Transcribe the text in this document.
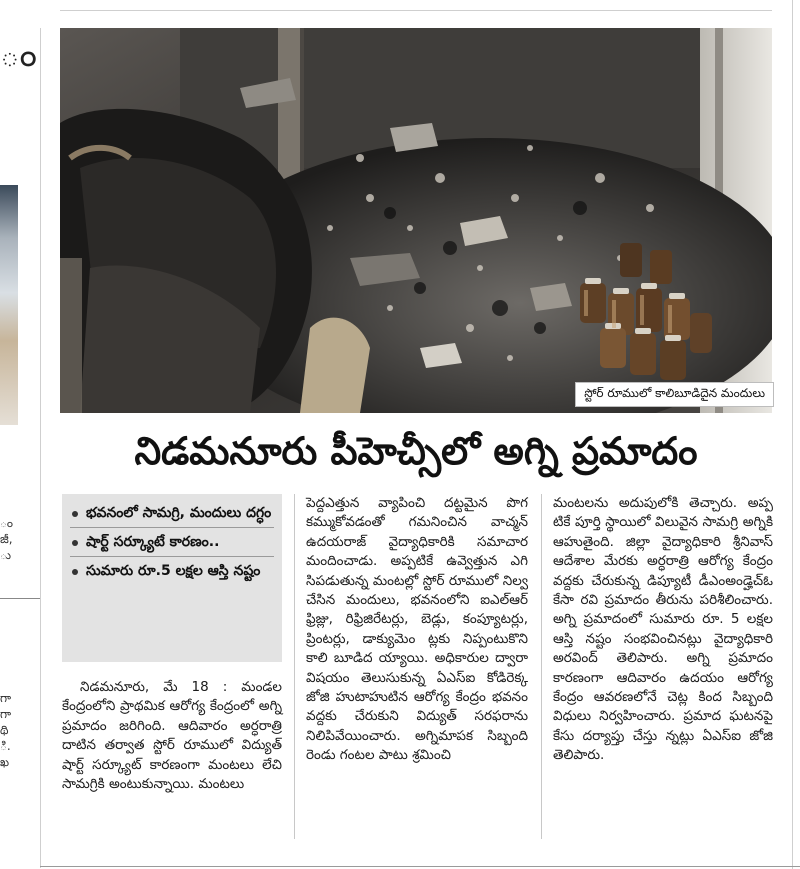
ం
ం
జీ,
ు
గా
గా
థి
ి.
ఖ

స్టోర్ రూములో కాలిబూడిదైన మందులు
నిడమనూరు పీహెచ్సీలో అగ్ని ప్రమాదం
భవనంలో సామగ్రి, మందులు దగ్ధం
షార్ట్ సర్క్యూటే కారణం..
సుమారు రూ.5 లక్షల ఆస్తి నష్టం
నిడమనూరు, మే 18 : మండల కేంద్రంలోని ప్రాథమిక ఆరోగ్య కేంద్రంలో అగ్ని ప్రమాదం జరిగింది. ఆదివారం అర్ధరాత్రి దాటిన తర్వాత స్టోర్ రూములో విద్యుత్ షార్ట్ సర్క్యూట్ కారణంగా మంటలు లేచి సామగ్రికి అంటుకున్నాయి. మంటలు
పెద్దఎత్తున వ్యాపించి దట్టమైన పొగ కమ్ముకోవడంతో గమనించిన వాచ్మన్ ఉదయరాజ్ వైద్యాధికారికి సమాచార మందించాడు. అప్పటికే ఉవ్వెత్తున ఎగి సిపడుతున్న మంటల్లో స్టోర్ రూములో నిల్వ చేసిన మందులు, భవనంలోని ఐఎల్ఆర్ ఫ్రిజ్లు, రిఫ్రిజిరేటర్లు, బెడ్లు, కంప్యూటర్లు, ప్రింటర్లు, డాక్యుమెం ట్లకు నిప్పంటుకొని కాలి బూడిద య్యాయి. అధికారుల ద్వారా విషయం తెలుసుకున్న ఏఎస్ఐ కోడిరెక్క జోజి హుటాహుటిన ఆరోగ్య కేంద్రం భవనం వద్దకు చేరుకుని విద్యుత్ సరఫరాను నిలిపివేయించారు. అగ్నిమాపక సిబ్బంది రెండు గంటల పాటు శ్రమించి
మంటలను అదుపులోకి తెచ్చారు. అప్ప టికే పూర్తి స్థాయిలో విలువైన సామగ్రి అగ్నికి ఆహుతైంది. జిల్లా వైద్యాధికారి శ్రీనివాస్ ఆదేశాల మేరకు అర్ధరాత్రి ఆరోగ్య కేంద్రం వద్దకు చేరుకున్న డిప్యూటీ డీఎంఅండ్హెచ్ఓ కేసా రవి ప్రమాదం తీరును పరిశీలించారు. అగ్ని ప్రమాదంలో సుమారు రూ. 5 లక్షల ఆస్తి నష్టం సంభవించినట్లు వైద్యాధికారి అరవింద్ తెలిపారు. అగ్ని ప్రమాదం కారణంగా ఆదివారం ఉదయం ఆరోగ్య కేంద్రం ఆవరణలోనే చెట్ల కింద సిబ్బంది విధులు నిర్వహించారు. ప్రమాద ఘటనపై కేసు దర్యాప్తు చేస్తు న్నట్లు ఏఎస్ఐ జోజి తెలిపారు.
